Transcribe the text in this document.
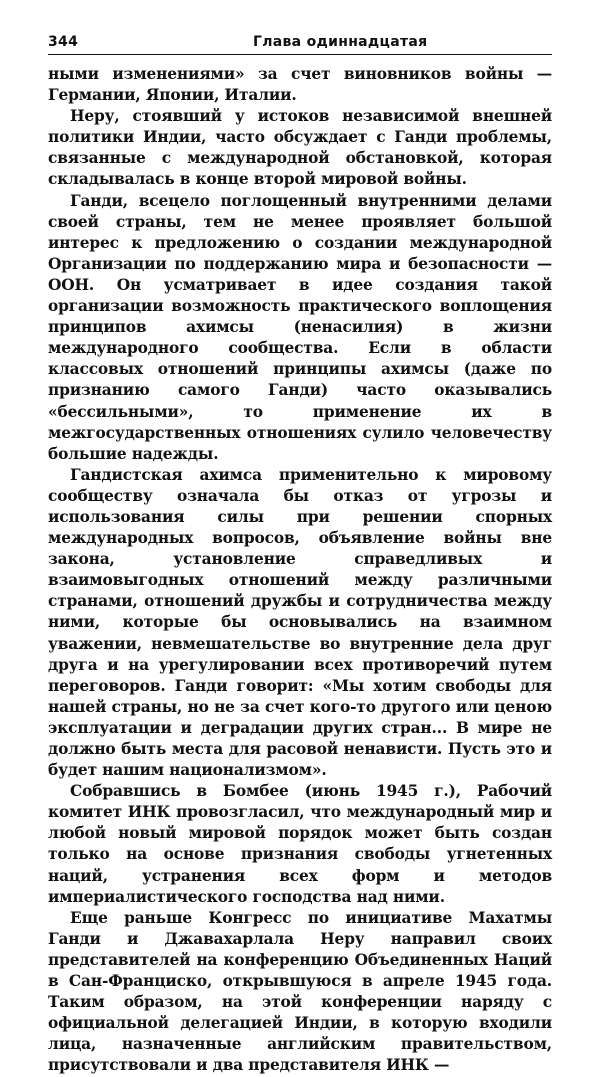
344	Глава одиннадцатая

ными изменениями» за счет виновников войны — Германии, Японии, Италии.

Неру, стоявший у истоков независимой внешней политики Индии, часто обсуждает с Ганди проблемы, связанные с международной обстановкой, которая складывалась в конце второй мировой войны.

Ганди, всецело поглощенный внутренними делами своей страны, тем не менее проявляет большой интерес к предложению о создании международной Организации по поддержанию мира и безопасности — ООН. Он усматривает в идее создания такой организации возможность практического воплощения принципов ахимсы (ненасилия) в жизни международного сообщества. Если в области классовых отношений принципы ахимсы (даже по признанию самого Ганди) часто оказывались «бессильными», то применение их в межгосударственных отношениях сулило человечеству большие надежды.

Гандистская ахимса применительно к мировому сообществу означала бы отказ от угрозы и использования силы при решении спорных международных вопросов, объявление войны вне закона, установление справедливых и взаимовыгодных отношений между различными странами, отношений дружбы и сотрудничества между ними, которые бы основывались на взаимном уважении, невмешательстве во внутренние дела друг друга и на урегулировании всех противоречий путем переговоров. Ганди говорит: «Мы хотим свободы для нашей страны, но не за счет кого-то другого или ценою эксплуатации и деградации других стран... В мире не должно быть места для расовой ненависти. Пусть это и будет нашим национализмом».

Собравшись в Бомбее (июнь 1945 г.), Рабочий комитет ИНК провозгласил, что международный мир и любой новый мировой порядок может быть создан только на основе признания свободы угнетенных наций, устранения всех форм и методов империалистического господства над ними.

Еще раньше Конгресс по инициативе Махатмы Ганди и Джавахарлала Неру направил своих представителей на конференцию Объединенных Наций в Сан-Франциско, открывшуюся в апреле 1945 года. Таким образом, на этой конференции наряду с официальной делегацией Индии, в которую входили лица, назначенные английским правительством, присутствовали и два представителя ИНК —
